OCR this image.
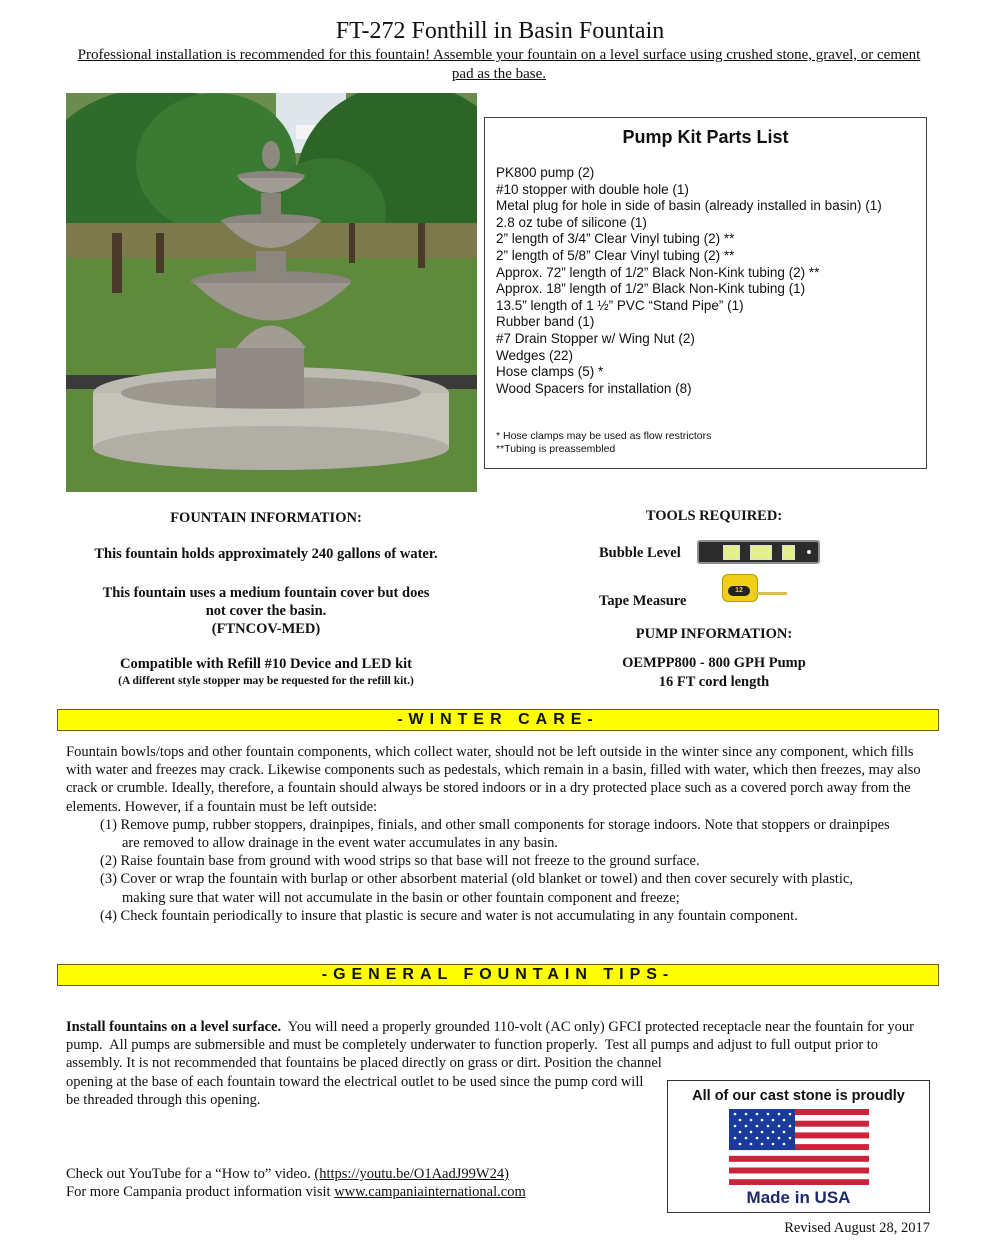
FT-272 Fonthill in Basin Fountain
Professional installation is recommended for this fountain! Assemble your fountain on a level surface using crushed stone, gravel, or cement pad as the base.
Pump Kit Parts List
PK800 pump (2)
#10 stopper with double hole (1)
Metal plug for hole in side of basin (already installed in basin) (1)
2.8 oz tube of silicone (1)
2” length of 3/4” Clear Vinyl tubing (2) **
2” length of 5/8” Clear Vinyl tubing (2) **
Approx. 72” length of 1/2” Black Non-Kink tubing (2) **
Approx. 18” length of 1/2” Black Non-Kink tubing (1)
13.5” length of 1 ½” PVC “Stand Pipe” (1)
Rubber band (1)
#7 Drain Stopper w/ Wing Nut (2)
Wedges (22)
Hose clamps (5) *
Wood Spacers for installation (8)
* Hose clamps may be used as flow restrictors
**Tubing is preassembled
FOUNTAIN INFORMATION:
This fountain holds approximately 240 gallons of water.
This fountain uses a medium fountain cover but does
not cover the basin.
(FTNCOV-MED)
Compatible with Refill #10 Device and LED kit
(A different style stopper may be requested for the refill kit.)
TOOLS REQUIRED:
Bubble Level
Tape Measure
12
PUMP INFORMATION:
OEMPP800 - 800 GPH Pump
16 FT cord length
-WINTER CARE-
Fountain bowls/tops and other fountain components, which collect water, should not be left outside in the winter since any component, which fills with water and freezes may crack. Likewise components such as pedestals, which remain in a basin, filled with water, which then freezes, may also crack or crumble. Ideally, therefore, a fountain should always be stored indoors or in a dry protected place such as a covered porch away from the elements. However, if a fountain must be left outside:
(1) Remove pump, rubber stoppers, drainpipes, finials, and other small components for storage indoors. Note that stoppers or drainpipes are removed to allow drainage in the event water accumulates in any basin.
(2) Raise fountain base from ground with wood strips so that base will not freeze to the ground surface.
(3) Cover or wrap the fountain with burlap or other absorbent material (old blanket or towel) and then cover securely with plastic, making sure that water will not accumulate in the basin or other fountain component and freeze;
(4) Check fountain periodically to insure that plastic is secure and water is not accumulating in any fountain component.
-GENERAL FOUNTAIN TIPS-
Install fountains on a level surface.  You will need a properly grounded 110-volt (AC only) GFCI protected receptacle near the fountain for your pump.  All pumps are submersible and must be completely underwater to function properly.  Test all pumps and adjust to full output prior to assembly. It is not recommended that fountains be placed directly on grass or dirt. Position the channel
opening at the base of each fountain toward the electrical outlet to be used since the pump cord will be threaded through this opening.
Check out YouTube for a “How to” video. (https://youtu.be/O1AadJ99W24)
For more Campania product information visit www.campaniainternational.com
All of our cast stone is proudly
Made in USA
Revised August 28, 2017
